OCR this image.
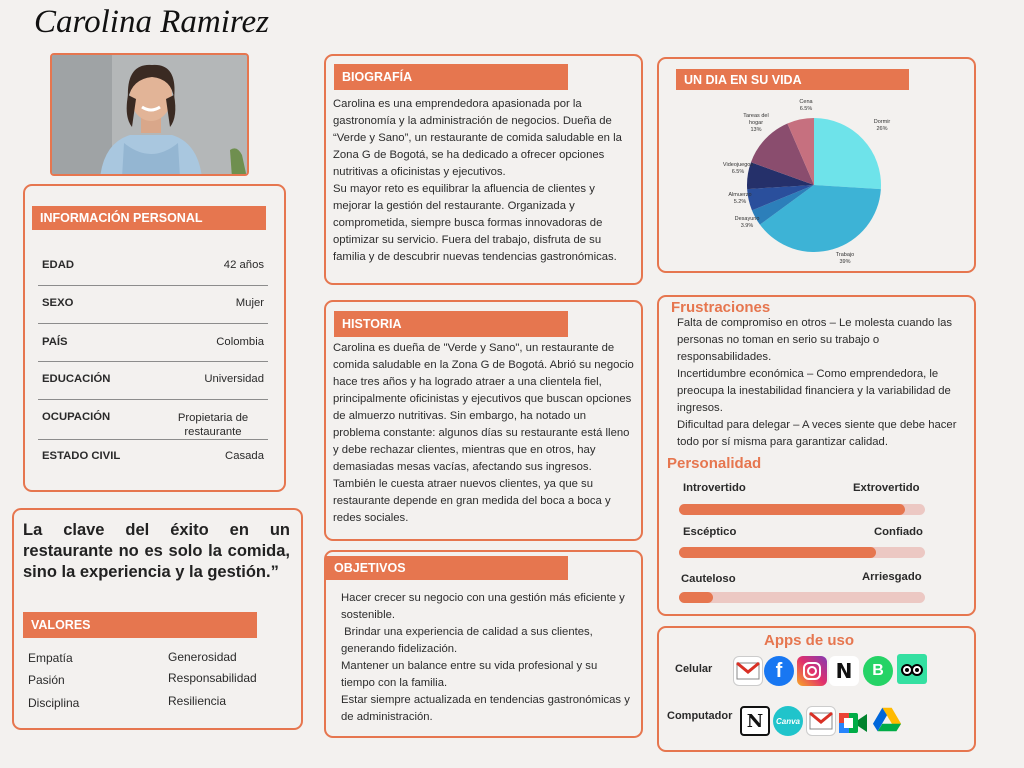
Carolina Ramirez
INFORMACIÓN PERSONAL
EDAD	42 años
SEXO	Mujer
PAÍS	Colombia
EDUCACIÓN	Universidad
OCUPACIÓN	Propietaria de
restaurante
ESTADO CIVIL	Casada
La clave del éxito en un restaurante no es solo la comida, sino la experiencia y la gestión.”
VALORES
Empatía
Pasión
Disciplina
Generosidad
Responsabilidad
Resiliencia
BIOGRAFÍA

Carolina es una emprendedora apasionada por la gastronomía y la administración de negocios. Dueña de “Verde y Sano”, un restaurante de comida saludable en la Zona G de Bogotá, se ha dedicado a ofrecer opciones nutritivas a oficinistas y ejecutivos.

Su mayor reto es equilibrar la afluencia de clientes y mejorar la gestión del restaurante. Organizada y comprometida, siempre busca formas innovadoras de optimizar su servicio. Fuera del trabajo, disfruta de su familia y de descubrir nuevas tendencias gastronómicas.

HISTORIA
Carolina es dueña de "Verde y Sano", un restaurante de comida saludable en la Zona G de Bogotá. Abrió su negocio hace tres años y ha logrado atraer a una clientela fiel, principalmente oficinistas y ejecutivos que buscan opciones de almuerzo nutritivas. Sin embargo, ha notado un problema constante: algunos días su restaurante está lleno y debe rechazar clientes, mientras que en otros, hay demasiadas mesas vacías, afectando sus ingresos. También le cuesta atraer nuevos clientes, ya que su restaurante depende en gran medida del boca a boca y redes sociales.
OBJETIVOS

Hacer crecer su negocio con una gestión más eficiente y sostenible.

Brindar una experiencia de calidad a sus clientes, generando fidelización.

Mantener un balance entre su vida profesional y su tiempo con la familia.

Estar siempre actualizada en tendencias gastronómicas y de administración.

UN DIA EN SU VIDA
Dormir
26%
Trabajo
39%
Desayuno
3.9%
Almuerzo
5.2%
Videojuegos
6.5%
Tareas del hogar
13%
Cena
6.5%
Frustraciones

Falta de compromiso en otros – Le molesta cuando las personas no toman en serio su trabajo o responsabilidades.

Incertidumbre económica – Como emprendedora, le preocupa la inestabilidad financiera y la variabilidad de ingresos.

Dificultad para delegar – A veces siente que debe hacer todo por sí misma para garantizar calidad.

Personalidad
Introvertido	Extrovertido
Escéptico	Confiado
Cauteloso	Arriesgado
Apps de uso
Celular
Computador
f	N	B
N	Canva
